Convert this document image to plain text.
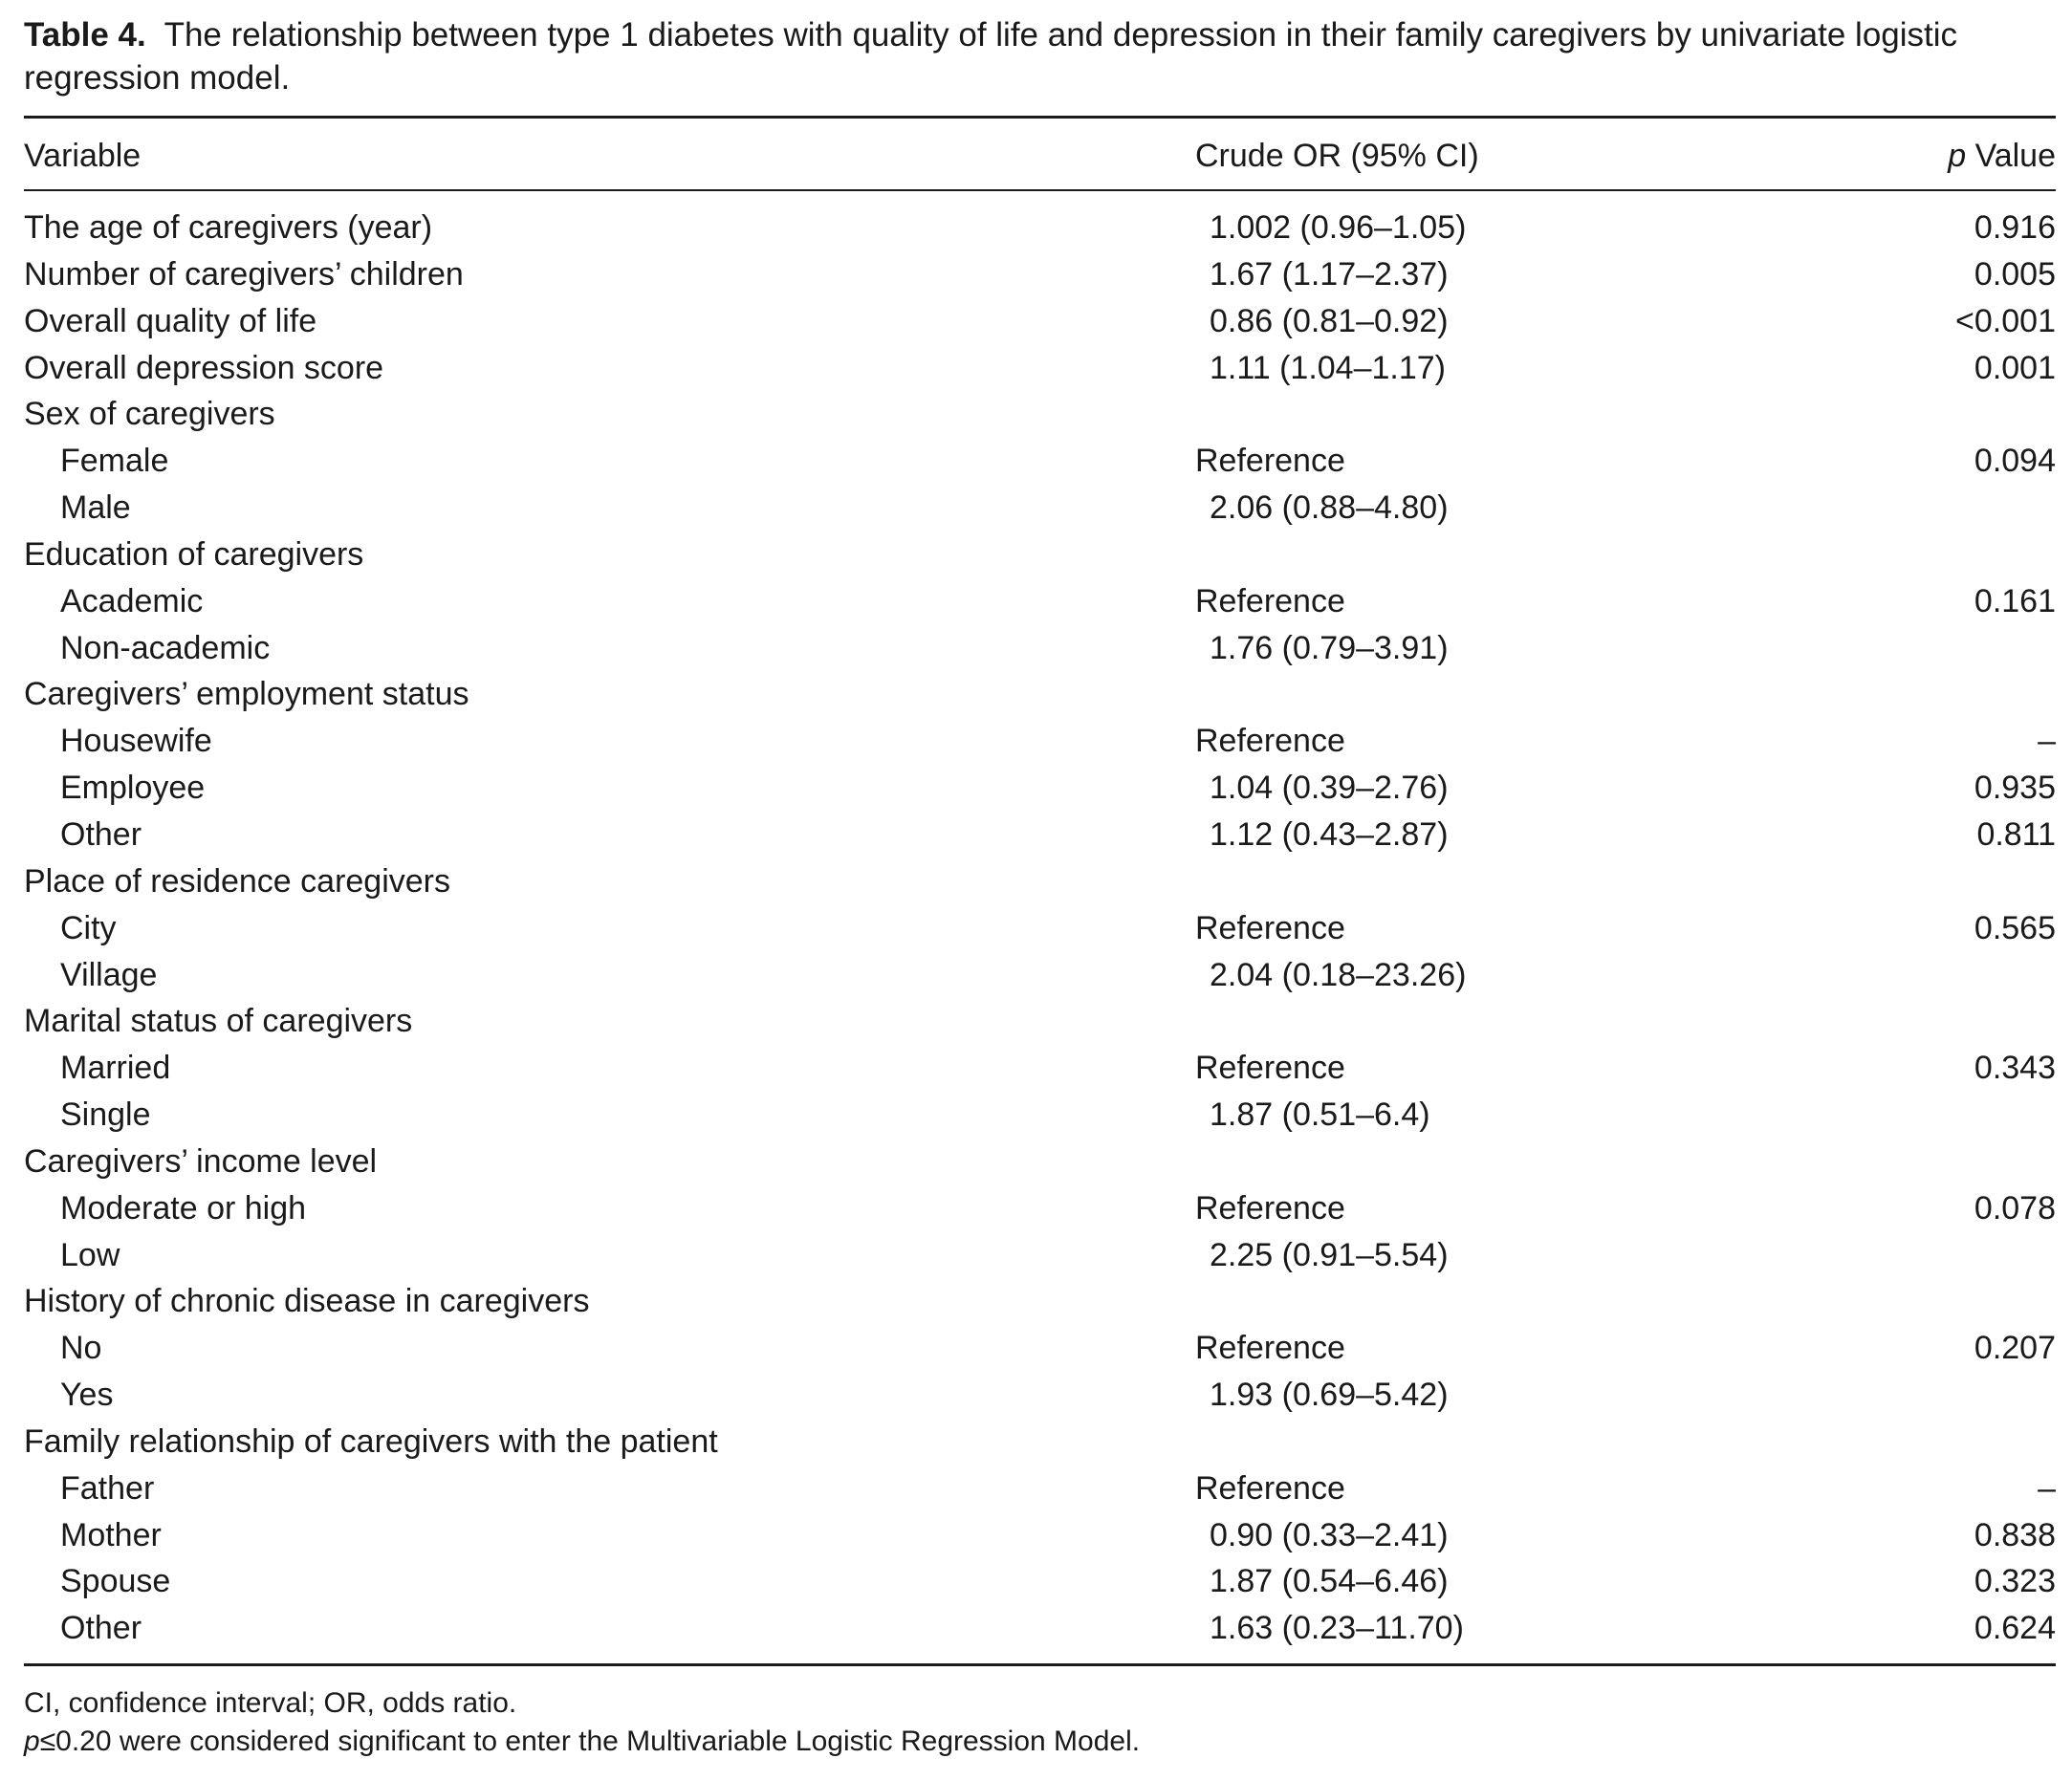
Table 4. The relationship between type 1 diabetes with quality of life and depression in their family caregivers by univariate logistic regression model.
Variable	Crude OR (95% CI)	p Value
The age of caregivers (year)	1.002 (0.96–1.05)	0.916
Number of caregivers’ children	1.67 (1.17–2.37)	0.005
Overall quality of life	0.86 (0.81–0.92)	<0.001
Overall depression score	1.11 (1.04–1.17)	0.001
Sex of caregivers
Female	Reference	0.094
Male	2.06 (0.88–4.80)
Education of caregivers
Academic	Reference	0.161
Non-academic	1.76 (0.79–3.91)
Caregivers’ employment status
Housewife	Reference	–
Employee	1.04 (0.39–2.76)	0.935
Other	1.12 (0.43–2.87)	0.811
Place of residence caregivers
City	Reference	0.565
Village	2.04 (0.18–23.26)
Marital status of caregivers
Married	Reference	0.343
Single	1.87 (0.51–6.4)
Caregivers’ income level
Moderate or high	Reference	0.078
Low	2.25 (0.91–5.54)
History of chronic disease in caregivers
No	Reference	0.207
Yes	1.93 (0.69–5.42)
Family relationship of caregivers with the patient
Father	Reference	–
Mother	0.90 (0.33–2.41)	0.838
Spouse	1.87 (0.54–6.46)	0.323
Other	1.63 (0.23–11.70)	0.624
CI, confidence interval; OR, odds ratio.
p≤0.20 were considered significant to enter the Multivariable Logistic Regression Model.
